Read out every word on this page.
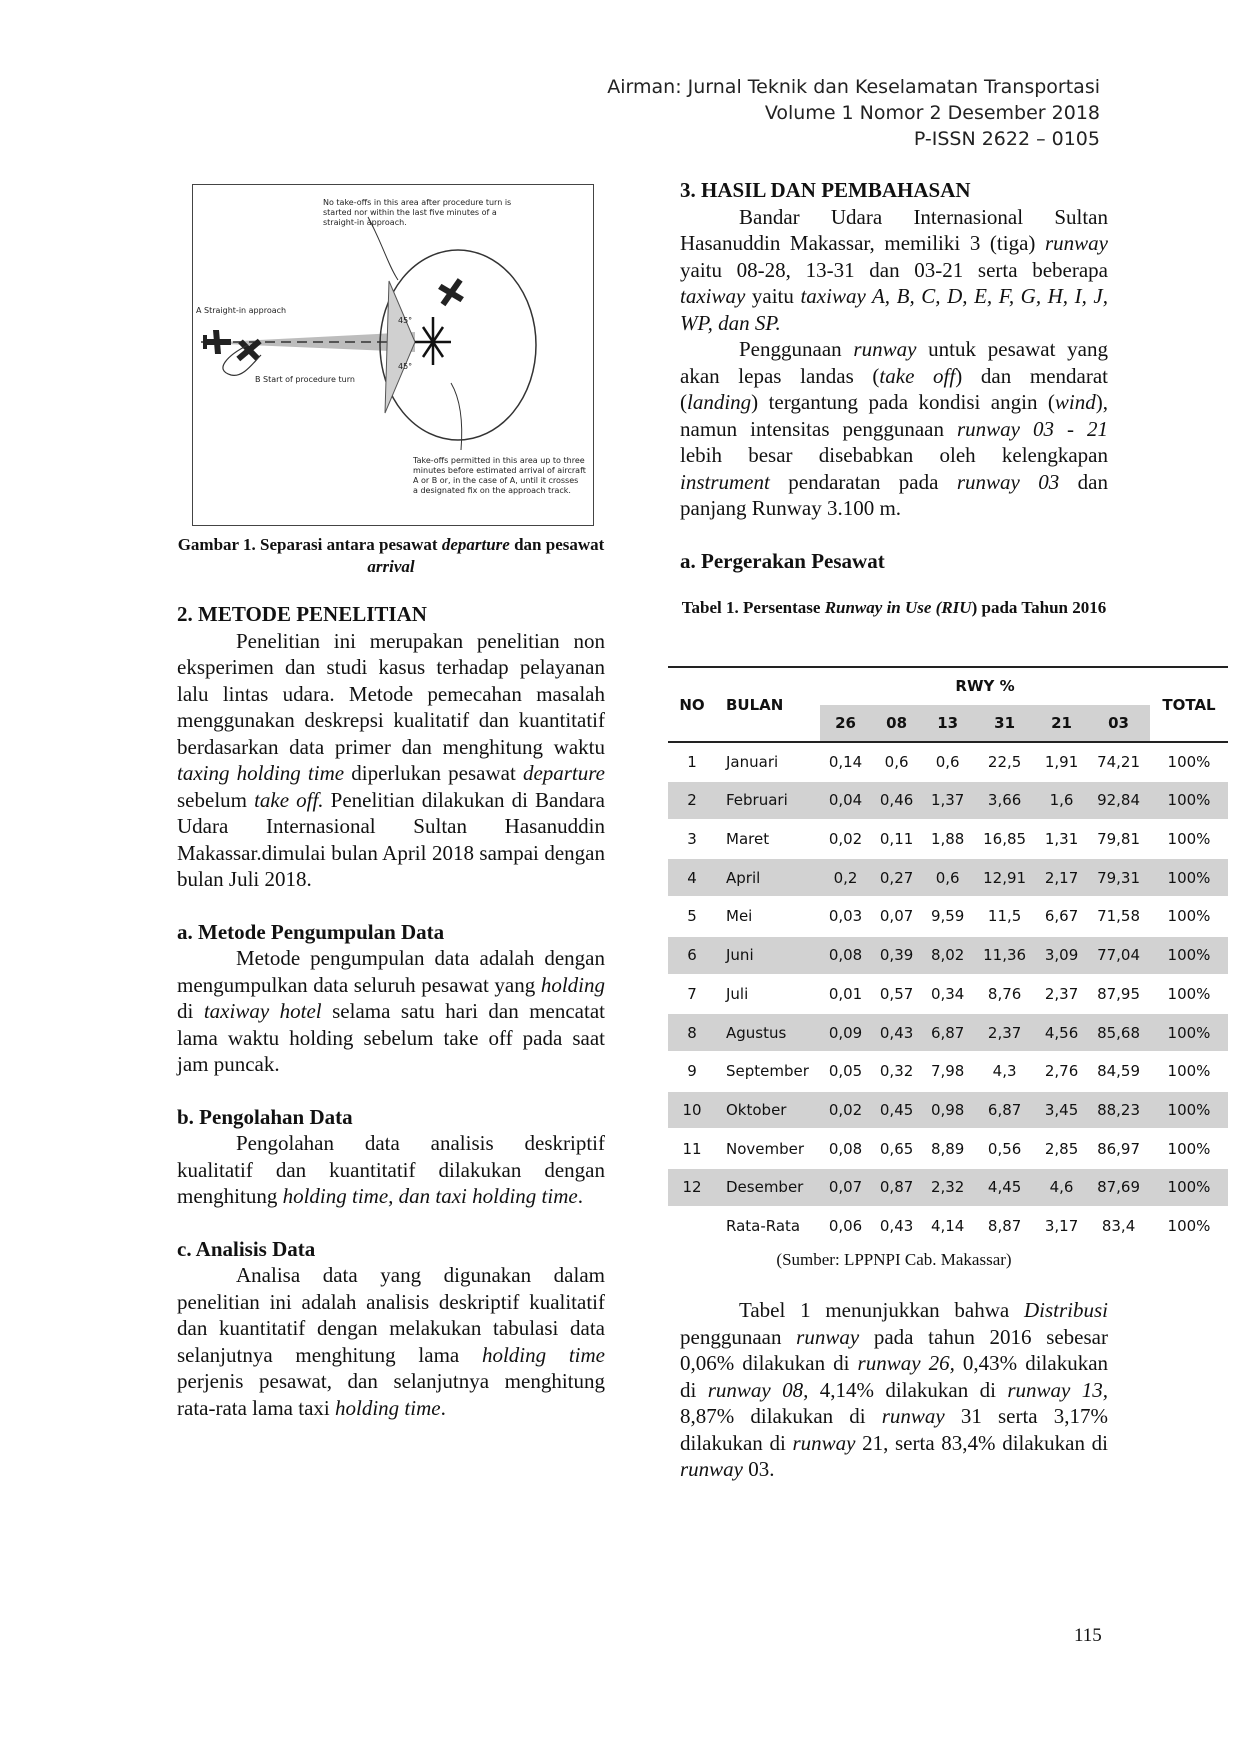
Airman: Jurnal Teknik dan Keselamatan Transportasi
Volume 1 Nomor 2 Desember 2018
P-ISSN 2622 – 0105
No take-offs in this area after procedure turn is
started nor within the last five minutes of a
straight-in approach.
A Straight-in approach
B Start of procedure turn
45°
45°
Take-offs permitted in this area up to three
minutes before estimated arrival of aircraft
A or B or, in the case of A, until it crosses
a designated fix on the approach track.
Gambar 1. Separasi antara pesawat departure dan pesawat arrival
2. METODE PENELITIAN

Penelitian ini merupakan penelitian non eksperimen dan studi kasus terhadap pelayanan lalu lintas udara. Metode pemecahan masalah menggunakan deskrepsi kualitatif dan kuantitatif berdasarkan data primer dan menghitung waktu taxing holding time diperlukan pesawat departure sebelum take off. Penelitian dilakukan di Bandara Udara Internasional Sultan Hasanuddin Makassar.dimulai bulan April 2018 sampai dengan bulan Juli 2018.

a. Metode Pengumpulan Data

Metode pengumpulan data adalah dengan mengumpulkan data seluruh pesawat yang holding di taxiway hotel selama satu hari dan mencatat lama waktu holding sebelum take off pada saat jam puncak.

b. Pengolahan Data

Pengolahan data analisis deskriptif kualitatif dan kuantitatif dilakukan dengan menghitung holding time, dan taxi holding time.

c. Analisis Data

Analisa data yang digunakan dalam penelitian ini adalah analisis deskriptif kualitatif dan kuantitatif dengan melakukan tabulasi data selanjutnya menghitung lama holding time perjenis pesawat, dan selanjutnya menghitung rata-rata lama taxi holding time.

3. HASIL DAN PEMBAHASAN

Bandar Udara Internasional Sultan Hasanuddin Makassar, memiliki 3 (tiga) runway yaitu 08-28, 13-31 dan 03-21 serta beberapa taxiway yaitu taxiway A, B, C, D, E, F, G, H, I, J, WP, dan SP.

Penggunaan runway untuk pesawat yang akan lepas landas (take off) dan mendarat (landing) tergantung pada kondisi angin (wind), namun intensitas penggunaan runway 03 - 21 lebih besar disebabkan oleh kelengkapan instrument pendaratan pada runway 03 dan panjang Runway 3.100 m.

a. Pergerakan Pesawat
Tabel 1. Persentase Runway in Use (RIU) pada Tahun 2016
NO	BULAN	RWY %						TOTAL
		26	08	13	31	21	03	
1	Januari	0,14	0,6	0,6	22,5	1,91	74,21	100%
2	Februari	0,04	0,46	1,37	3,66	1,6	92,84	100%
3	Maret	0,02	0,11	1,88	16,85	1,31	79,81	100%
4	April	0,2	0,27	0,6	12,91	2,17	79,31	100%
5	Mei	0,03	0,07	9,59	11,5	6,67	71,58	100%
6	Juni	0,08	0,39	8,02	11,36	3,09	77,04	100%
7	Juli	0,01	0,57	0,34	8,76	2,37	87,95	100%
8	Agustus	0,09	0,43	6,87	2,37	4,56	85,68	100%
9	September	0,05	0,32	7,98	4,3	2,76	84,59	100%
10	Oktober	0,02	0,45	0,98	6,87	3,45	88,23	100%
11	November	0,08	0,65	8,89	0,56	2,85	86,97	100%
12	Desember	0,07	0,87	2,32	4,45	4,6	87,69	100%
	Rata-Rata	0,06	0,43	4,14	8,87	3,17	83,4	100%
(Sumber: LPPNPI Cab. Makassar)

Tabel 1 menunjukkan bahwa Distribusi penggunaan runway pada tahun 2016 sebesar 0,06% dilakukan di runway 26, 0,43% dilakukan di runway 08, 4,14% dilakukan di runway 13, 8,87% dilakukan di runway 31 serta 3,17% dilakukan di runway 21, serta 83,4% dilakukan di runway 03.

115
